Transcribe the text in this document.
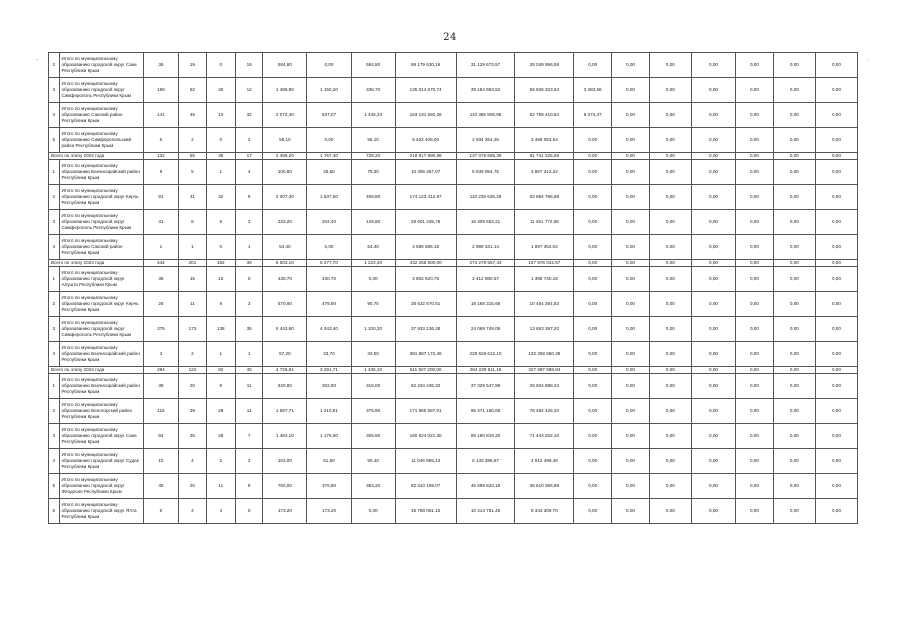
24
-	·
2	Итого по муниципальному образованию городской округ Саки Республики Крым	39	19	0	19	584,80	0,00	584,80	59 179 630,16	31 129 673,57	28 049 956,59	0,00	0,00	0,00	0,00	0,00	0,00	0,00
3	Итого по муниципальному образованию городской округ Симферополь Республики Крым	159	52	40	12	1 486,90	1 150,20	336,70	135 014 670,74	39 184 963,52	55 826 323,64	3 383,58	0,00	0,00	0,00	0,00	0,00	0,00
4	Итого по муниципальному образованию Сакский район Республики Крым	141	45	13	32	2 072,40	637,07	1 435,33	163 131 592,26	110 365 806,95	52 759 410,84	6 374,47	0,00	0,00	0,00	0,00	0,00	0,00
5	Итого по муниципальному образованию Симферопольский район Республики Крым	6	2	0	2	55,10	0,00	55,10	6 402 408,00	2 934 354,36	3 468 053,64	0,00	0,00	0,00	0,00	0,00	0,00	0,00
Всего по этапу 2022 года		132	55	38	17	2 495,20	1 767,40	728,20	218 817 990,98	137 076 665,39	81 741 325,59	0,00	0,00	0,00	0,00	0,00	0,00	0,00
1	Итого по муниципальному образованию Бахчисарайский район Республики Крым	9	5	1	4	100,80	25,50	75,30	10 406 467,07	5 539 054,75	4 867 412,32	0,00	0,00	0,00	0,00	0,00	0,00	0,00
2	Итого по муниципальному образованию городской округ Керчь Республики Крым	91	41	32	9	2 007,30	1 537,50	469,80	174 123 412,97	110 238 626,29	63 884 786,68	0,00	0,00	0,00	0,00	0,00	0,00	0,00
3	Итого по муниципальному образованию городской округ Симферополь Республики Крым	31	8	5	3	333,20	204,40	128,80	29 601 435,76	18 309 653,21	11 291 772,55	0,00	0,00	0,00	0,00	0,00	0,00	0,00
4	Итого по муниципальному образованию Сакский район Республики Крым	1	1	0	1	54,40	0,00	54,40	4 686 685,18	2 989 331,14	1 697 354,04	0,00	0,00	0,00	0,00	0,00	0,00	0,00
Всего по этапу 2023 года		444	201	162	39	6 503,10	5 277,70	1 224,40	432 255 600,00	274 279 557,43	157 976 042,57	0,00	0,00	0,00	0,00	0,00	0,00	0,00
1	Итого по муниципальному образованию городской округ Алушта Республики Крым	38	15	15	0	430,70	430,70	0,00	3 802 620,75	2 412 880,57	1 389 740,18	0,00	0,00	0,00	0,00	0,00	0,00	0,00
2	Итого по муниципальному образованию городской округ Керчь Республики Крым	28	11	8	3	570,60	479,90	90,70	28 632 670,51	18 168 315,68	10 464 354,83	0,00	0,00	0,00	0,00	0,00	0,00	0,00
3	Итого по муниципальному образованию городской округ Симферополь Республики Крым	375	173	138	35	5 443,60	4 343,40	1 100,20	37 933 136,28	24 069 749,08	13 863 387,20	0,00	0,00	0,00	0,00	0,00	0,00	0,00
4	Итого по муниципальному образованию Бахчисарайский район Республики Крым	3	2	1	1	57,20	23,70	33,50	361 887 172,46	229 628 612,10	132 258 560,36	0,00	0,00	0,00	0,00	0,00	0,00	0,00
Всего по этапу 2024 года		294	122	82	40	4 726,81	3 291,71	1 435,10	511 927 200,00	284 229 511,16	227 697 688,84	0,00	0,00	0,00	0,00	0,00	0,00	0,00
1	Итого по муниципальному образованию Бахчисарайский район Республики Крым	38	20	9	11	620,80	302,80	318,00	62 234 436,32	37 329 547,98	29 904 888,34	0,00	0,00	0,00	0,00	0,00	0,00	0,00
2	Итого по муниципальному образованию Белогорский район Республики Крым	116	39	28	11	1 587,71	1 210,81	376,90	171 955 587,01	95 471 160,68	76 482 426,33	0,00	0,00	0,00	0,00	0,00	0,00	0,00
3	Итого по муниципальному образованию городской округ Саки Республики Крым	84	35	28	7	1 483,10	1 176,50	306,60	160 624 021,30	89 180 819,20	71 443 202,10	0,00	0,00	0,00	0,00	0,00	0,00	0,00
4	Итого по муниципальному образованию городской округ Судак Республики Крым	10	4	2	2	102,00	51,60	50,40	11 046 895,13	6 133 398,67	4 913 496,48	0,00	0,00	0,00	0,00	0,00	0,00	0,00
5	Итого по муниципальному образованию городской округ Феодосия Республики Крым	40	20	11	9	760,00	376,80	383,20	82 310 199,07	45 699 833,18	36 610 365,89	0,00	0,00	0,00	0,00	0,00	0,00	0,00
6	Итого по муниципальному образованию городской округ Ялта Республики Крым	6	4	4	0	173,20	173,20	0,00	18 758 061,15	10 414 751,45	8 343 309,70	0,00	0,00	0,00	0,00	0,00	0,00	0,00
